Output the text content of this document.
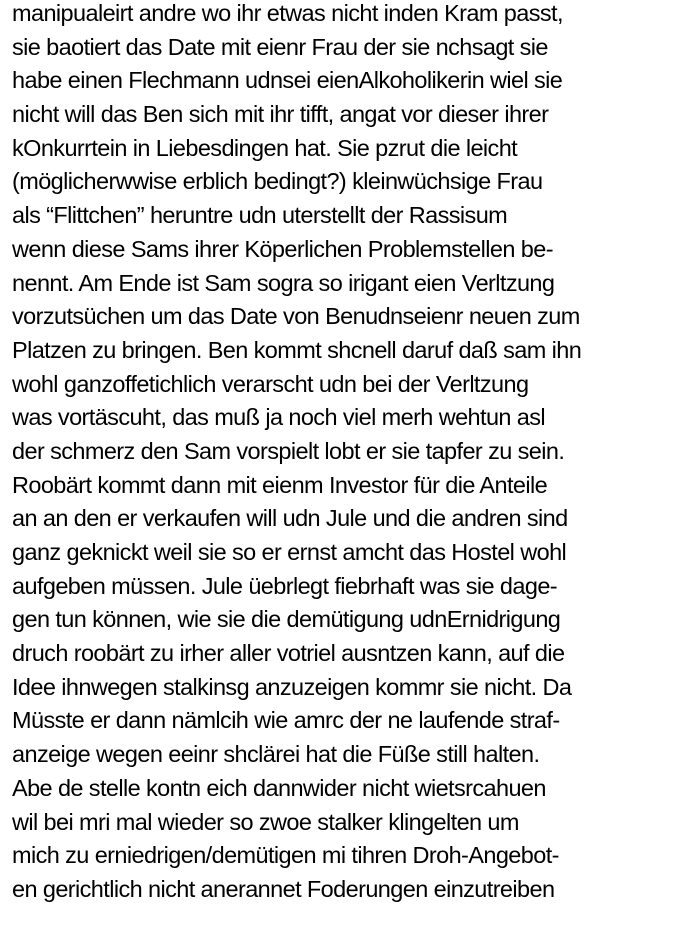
manipualeirt andre wo ihr etwas nicht inden Kram passt,
sie baotiert das Date mit eienr Frau der sie nchsagt sie
habe einen Flechmann udnsei eienAlkoholikerin wiel sie
nicht will das Ben sich mit ihr tifft, angat vor dieser ihrer
kOnkurrtein in Liebesdingen hat. Sie pzrut die leicht
(möglicherwwise erblich bedingt?) kleinwüchsige Frau
als “Flittchen” heruntre udn uterstellt der Rassisum
wenn diese Sams ihrer Köperlichen Problemstellen be-
nennt. Am Ende ist Sam sogra so irigant eien Verltzung
vorzutsüchen um das Date von Benudnseienr neuen zum
Platzen zu bringen. Ben kommt shcnell daruf daß sam ihn
wohl ganzoffetichlich verarscht udn bei der Verltzung
was vortäscuht, das muß ja noch viel merh wehtun asl
der schmerz den Sam vorspielt lobt er sie tapfer zu sein.
Roobärt kommt dann mit eienm Investor für die Anteile
an an den er verkaufen will udn Jule und die andren sind
ganz geknickt weil sie so er ernst amcht das Hostel wohl
aufgeben müssen. Jule üebrlegt fiebrhaft was sie dage-
gen tun können, wie sie die demütigung udnErnidrigung
druch roobärt zu irher aller votriel ausntzen kann, auf die
Idee ihnwegen stalkinsg anzuzeigen kommr sie nicht. Da
Müsste er dann nämlcih wie amrc der ne laufende straf-
anzeige wegen eeinr shclärei hat die Füße still halten.
Abe de stelle kontn eich dannwider nicht wietsrcahuen
wil bei mri mal wieder so zwoe stalker klingelten um
mich zu erniedrigen/demütigen mi tihren Droh-Angebot-
en gerichtlich nicht anerannet Foderungen einzutreiben
